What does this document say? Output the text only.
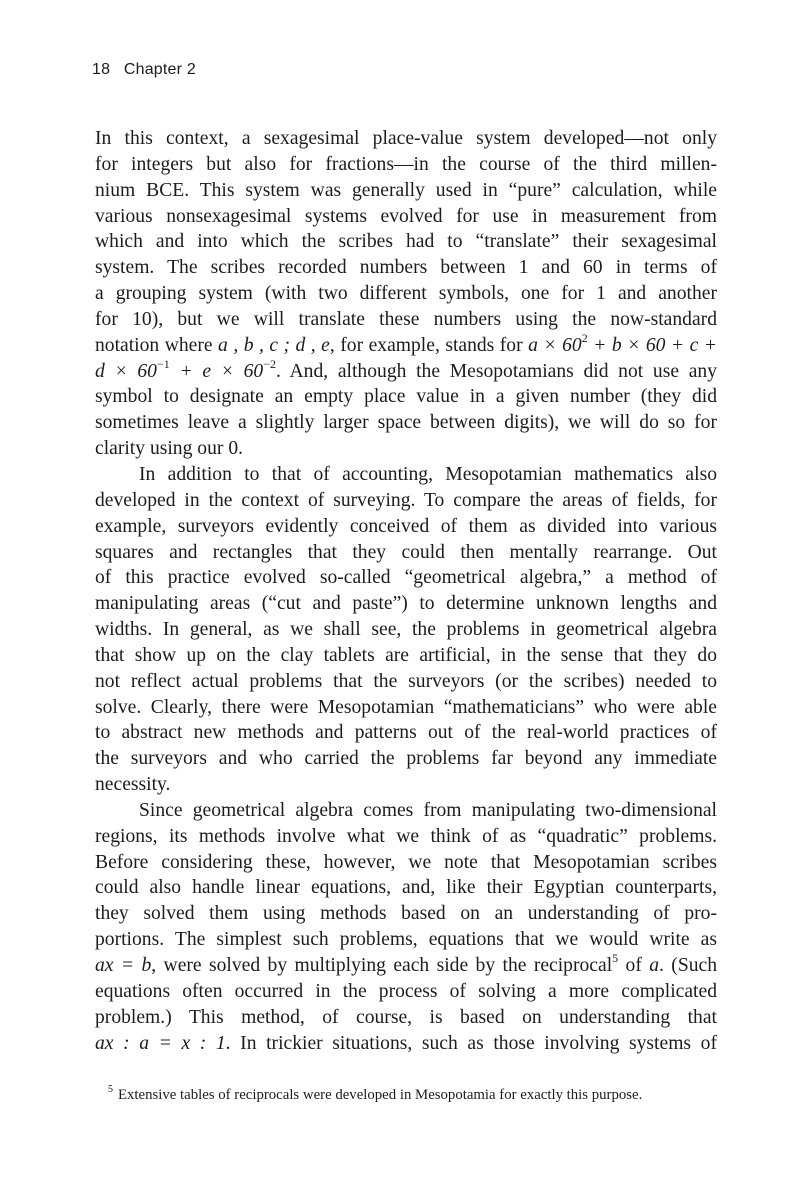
18 Chapter 2

In this context, a sexagesimal place-value system developed—not only
for integers but also for fractions—in the course of the third millen-
nium BCE. This system was generally used in “pure” calculation, while
various nonsexagesimal systems evolved for use in measurement from
which and into which the scribes had to “translate” their sexagesimal
system. The scribes recorded numbers between 1 and 60 in terms of
a grouping system (with two different symbols, one for 1 and another
for 10), but we will translate these numbers using the now-standard
notation where a , b , c ; d , e, for example, stands for $a \times 60^2 + b \times 60 + c$ +
$d \times 60^{-1} + e \times 60^{-2}$. And, although the Mesopotamians did not use any
symbol to designate an empty place value in a given number (they did
sometimes leave a slightly larger space between digits), we will do so for
clarity using our 0.

In addition to that of accounting, Mesopotamian mathematics also
developed in the context of surveying. To compare the areas of fields, for
example, surveyors evidently conceived of them as divided into various
squares and rectangles that they could then mentally rearrange. Out
of this practice evolved so-called “geometrical algebra,” a method of
manipulating areas (“cut and paste”) to determine unknown lengths and
widths. In general, as we shall see, the problems in geometrical algebra
that show up on the clay tablets are artificial, in the sense that they do
not reflect actual problems that the surveyors (or the scribes) needed to
solve. Clearly, there were Mesopotamian “mathematicians” who were able
to abstract new methods and patterns out of the real-world practices of
the surveyors and who carried the problems far beyond any immediate
necessity.

Since geometrical algebra comes from manipulating two-dimensional
regions, its methods involve what we think of as “quadratic” problems.
Before considering these, however, we note that Mesopotamian scribes
could also handle linear equations, and, like their Egyptian counterparts,
they solved them using methods based on an understanding of pro-
portions. The simplest such problems, equations that we would write as
ax = b, were solved by multiplying each side by the reciprocal$^5$ of a. (Such
equations often occurred in the process of solving a more complicated
problem.) This method, of course, is based on understanding that
ax : a = x : 1. In trickier situations, such as those involving systems of

$^5$ Extensive tables of reciprocals were developed in Mesopotamia for exactly this purpose.
